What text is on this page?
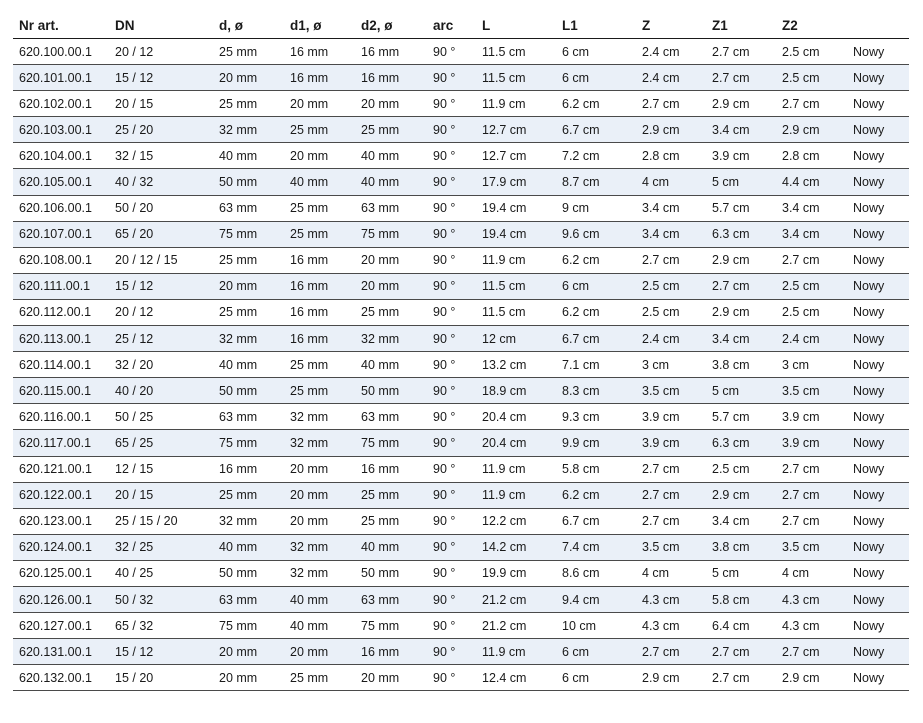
Nr art.	DN	d, ø	d1, ø	d2, ø	arc	L	L1	Z	Z1	Z2	
620.100.00.1	20 / 12	25 mm	16 mm	16 mm	90 °	11.5 cm	6 cm	2.4 cm	2.7 cm	2.5 cm	Nowy
620.101.00.1	15 / 12	20 mm	16 mm	16 mm	90 °	11.5 cm	6 cm	2.4 cm	2.7 cm	2.5 cm	Nowy
620.102.00.1	20 / 15	25 mm	20 mm	20 mm	90 °	11.9 cm	6.2 cm	2.7 cm	2.9 cm	2.7 cm	Nowy
620.103.00.1	25 / 20	32 mm	25 mm	25 mm	90 °	12.7 cm	6.7 cm	2.9 cm	3.4 cm	2.9 cm	Nowy
620.104.00.1	32 / 15	40 mm	20 mm	40 mm	90 °	12.7 cm	7.2 cm	2.8 cm	3.9 cm	2.8 cm	Nowy
620.105.00.1	40 / 32	50 mm	40 mm	40 mm	90 °	17.9 cm	8.7 cm	4 cm	5 cm	4.4 cm	Nowy
620.106.00.1	50 / 20	63 mm	25 mm	63 mm	90 °	19.4 cm	9 cm	3.4 cm	5.7 cm	3.4 cm	Nowy
620.107.00.1	65 / 20	75 mm	25 mm	75 mm	90 °	19.4 cm	9.6 cm	3.4 cm	6.3 cm	3.4 cm	Nowy
620.108.00.1	20 / 12 / 15	25 mm	16 mm	20 mm	90 °	11.9 cm	6.2 cm	2.7 cm	2.9 cm	2.7 cm	Nowy
620.111.00.1	15 / 12	20 mm	16 mm	20 mm	90 °	11.5 cm	6 cm	2.5 cm	2.7 cm	2.5 cm	Nowy
620.112.00.1	20 / 12	25 mm	16 mm	25 mm	90 °	11.5 cm	6.2 cm	2.5 cm	2.9 cm	2.5 cm	Nowy
620.113.00.1	25 / 12	32 mm	16 mm	32 mm	90 °	12 cm	6.7 cm	2.4 cm	3.4 cm	2.4 cm	Nowy
620.114.00.1	32 / 20	40 mm	25 mm	40 mm	90 °	13.2 cm	7.1 cm	3 cm	3.8 cm	3 cm	Nowy
620.115.00.1	40 / 20	50 mm	25 mm	50 mm	90 °	18.9 cm	8.3 cm	3.5 cm	5 cm	3.5 cm	Nowy
620.116.00.1	50 / 25	63 mm	32 mm	63 mm	90 °	20.4 cm	9.3 cm	3.9 cm	5.7 cm	3.9 cm	Nowy
620.117.00.1	65 / 25	75 mm	32 mm	75 mm	90 °	20.4 cm	9.9 cm	3.9 cm	6.3 cm	3.9 cm	Nowy
620.121.00.1	12 / 15	16 mm	20 mm	16 mm	90 °	11.9 cm	5.8 cm	2.7 cm	2.5 cm	2.7 cm	Nowy
620.122.00.1	20 / 15	25 mm	20 mm	25 mm	90 °	11.9 cm	6.2 cm	2.7 cm	2.9 cm	2.7 cm	Nowy
620.123.00.1	25 / 15 / 20	32 mm	20 mm	25 mm	90 °	12.2 cm	6.7 cm	2.7 cm	3.4 cm	2.7 cm	Nowy
620.124.00.1	32 / 25	40 mm	32 mm	40 mm	90 °	14.2 cm	7.4 cm	3.5 cm	3.8 cm	3.5 cm	Nowy
620.125.00.1	40 / 25	50 mm	32 mm	50 mm	90 °	19.9 cm	8.6 cm	4 cm	5 cm	4 cm	Nowy
620.126.00.1	50 / 32	63 mm	40 mm	63 mm	90 °	21.2 cm	9.4 cm	4.3 cm	5.8 cm	4.3 cm	Nowy
620.127.00.1	65 / 32	75 mm	40 mm	75 mm	90 °	21.2 cm	10 cm	4.3 cm	6.4 cm	4.3 cm	Nowy
620.131.00.1	15 / 12	20 mm	20 mm	16 mm	90 °	11.9 cm	6 cm	2.7 cm	2.7 cm	2.7 cm	Nowy
620.132.00.1	15 / 20	20 mm	25 mm	20 mm	90 °	12.4 cm	6 cm	2.9 cm	2.7 cm	2.9 cm	Nowy
